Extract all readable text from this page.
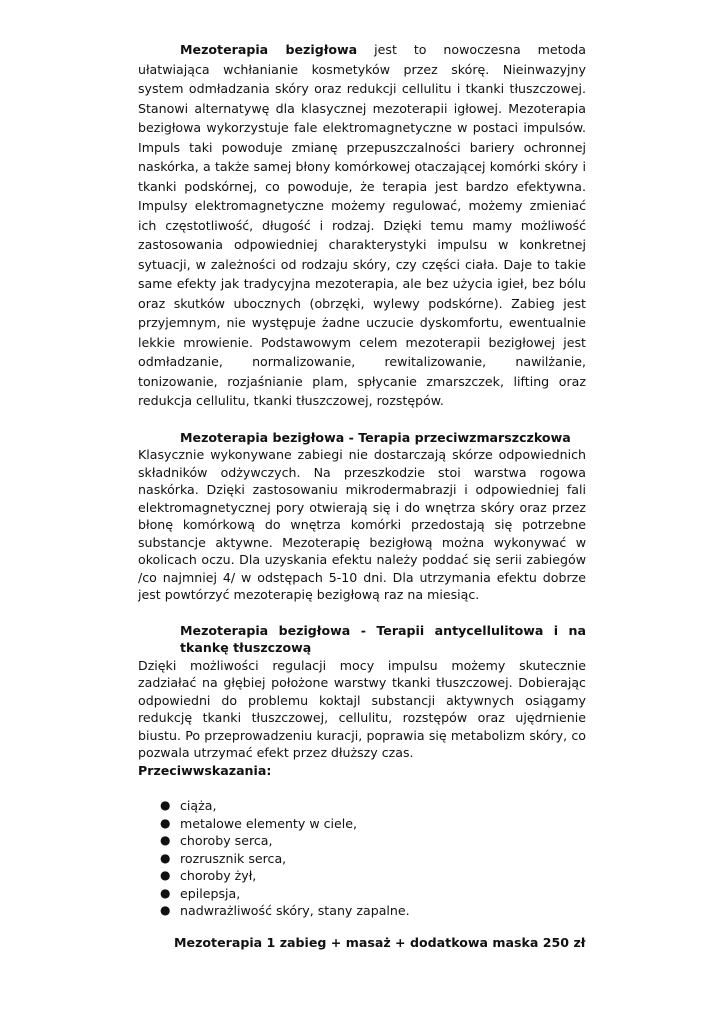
Mezoterapia bezigłowa jest to nowoczesna metoda ułatwiająca wchłanianie kosmetyków przez skórę. Nieinwazyjny system odmładzania skóry oraz redukcji cellulitu i tkanki tłuszczowej. Stanowi alternatywę dla klasycznej mezoterapii igłowej. Mezoterapia bezigłowa wykorzystuje fale elektromagnetyczne w postaci impulsów. Impuls taki powoduje zmianę przepuszczalności bariery ochronnej naskórka, a także samej błony komórkowej otaczającej komórki skóry i tkanki podskórnej, co powoduje, że terapia jest bardzo efektywna. Impulsy elektromagnetyczne możemy regulować, możemy zmieniać ich częstotliwość, długość i rodzaj. Dzięki temu mamy możliwość zastosowania odpowiedniej charakterystyki impulsu w konkretnej sytuacji, w zależności od rodzaju skóry, czy części ciała. Daje to takie same efekty jak tradycyjna mezoterapia, ale bez użycia igieł, bez bólu oraz skutków ubocznych (obrzęki, wylewy podskórne). Zabieg jest przyjemnym, nie występuje żadne uczucie dyskomfortu, ewentualnie lekkie mrowienie. Podstawowym celem mezoterapii bezigłowej jest odmładzanie, normalizowanie, rewitalizowanie, nawilżanie, tonizowanie, rozjaśnianie plam, spłycanie zmarszczek, lifting oraz redukcja cellulitu, tkanki tłuszczowej, rozstępów.

Mezoterapia bezigłowa - Terapia przeciwzmarszczkowa

Klasycznie wykonywane zabiegi nie dostarczają skórze odpowiednich składników odżywczych. Na przeszkodzie stoi warstwa rogowa naskórka. Dzięki zastosowaniu mikrodermabrazji i odpowiedniej fali elektromagnetycznej pory otwierają się i do wnętrza skóry oraz przez błonę komórkową do wnętrza komórki przedostają się potrzebne substancje aktywne. Mezoterapię bezigłową można wykonywać w okolicach oczu. Dla uzyskania efektu należy poddać się serii zabiegów /co najmniej 4/ w odstępach 5-10 dni. Dla utrzymania efektu dobrze jest powtórzyć mezoterapię bezigłową raz na miesiąc.

Mezoterapia bezigłowa - Terapii antycellulitowa i na tkankę tłuszczową

Dzięki możliwości regulacji mocy impulsu możemy skutecznie zadziałać na głębiej położone warstwy tkanki tłuszczowej. Dobierając odpowiedni do problemu koktajl substancji aktywnych osiągamy redukcję tkanki tłuszczowej, cellulitu, rozstępów oraz ujędrnienie biustu. Po przeprowadzeniu kuracji, poprawia się metabolizm skóry, co pozwala utrzymać efekt przez dłuższy czas.

Przeciwwskazania:

● ciąża,
● metalowe elementy w ciele,
● choroby serca,
● rozrusznik serca,
● choroby żył,
● epilepsja,
● nadwrażliwość skóry, stany zapalne.

Mezoterapia 1 zabieg + masaż + dodatkowa maska 250 zł
